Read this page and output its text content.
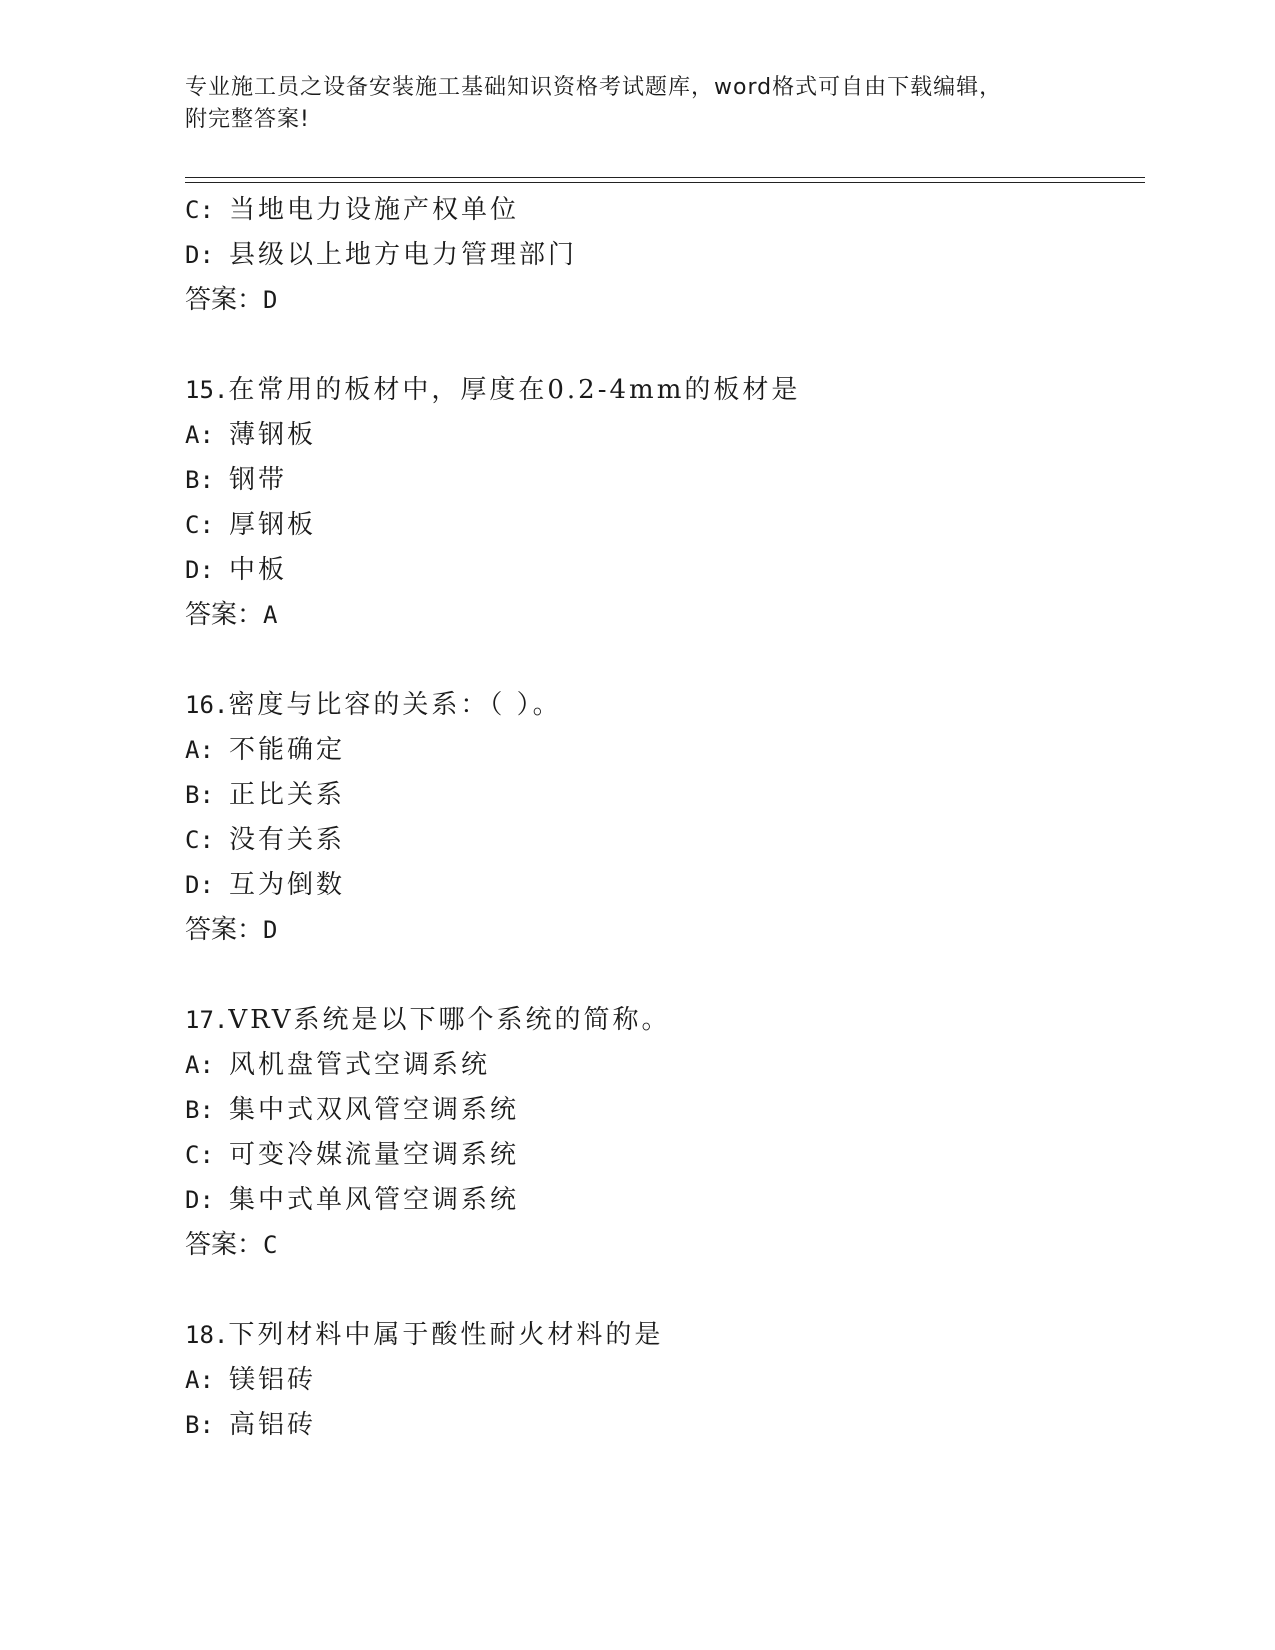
专业施工员之设备安装施工基础知识资格考试题库，word格式可自由下载编辑，
附完整答案!
C: 当地电力设施产权单位
D: 县级以上地方电力管理部门
答案：D
15.在常用的板材中，厚度在0.2-4mm的板材是
A: 薄钢板
B: 钢带
C: 厚钢板
D: 中板
答案：A
16.密度与比容的关系：（ ）。
A: 不能确定
B: 正比关系
C: 没有关系
D: 互为倒数
答案：D
17.VRV系统是以下哪个系统的简称。
A: 风机盘管式空调系统
B: 集中式双风管空调系统
C: 可变冷媒流量空调系统
D: 集中式单风管空调系统
答案：C
18.下列材料中属于酸性耐火材料的是
A: 镁铝砖
B: 高铝砖
